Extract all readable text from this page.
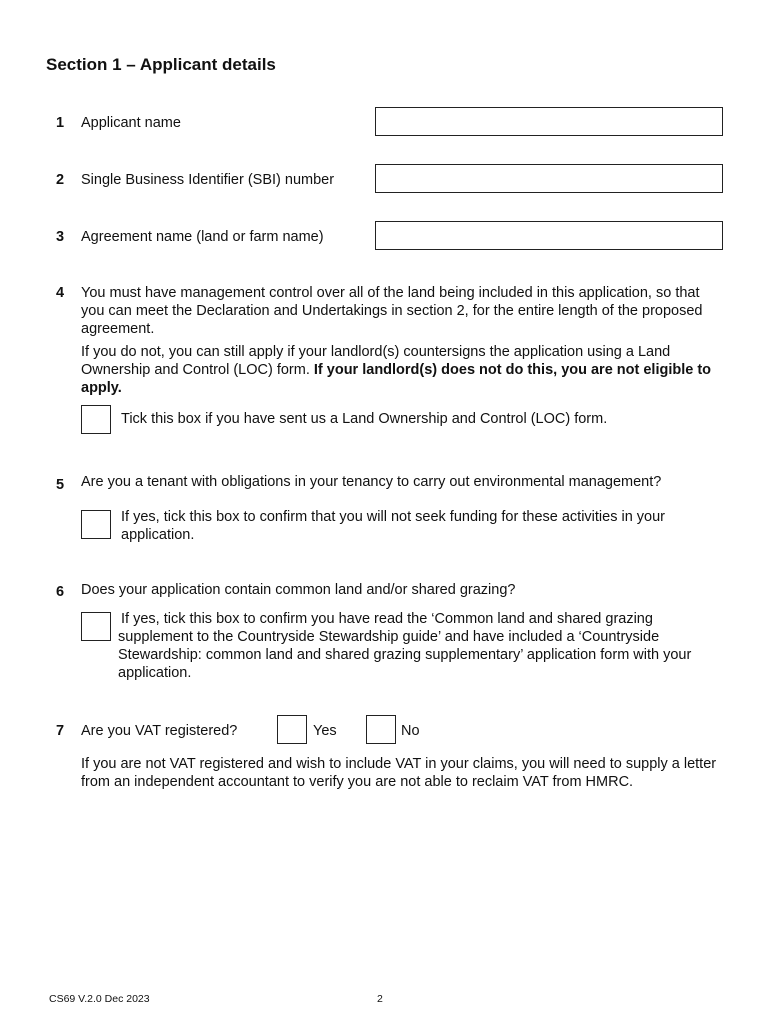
Section 1 – Applicant details
1 Applicant name
2 Single Business Identifier (SBI) number
3 Agreement name (land or farm name)
4 You must have management control over all of the land being included in this application, so that you can meet the Declaration and Undertakings in section 2, for the entire length of the proposed agreement.
If you do not, you can still apply if your landlord(s) countersigns the application using a Land Ownership and Control (LOC) form. If your landlord(s) does not do this, you are not eligible to apply.
Tick this box if you have sent us a Land Ownership and Control (LOC) form.
5 Are you a tenant with obligations in your tenancy to carry out environmental management?
If yes, tick this box to confirm that you will not seek funding for these activities in your application.
6 Does your application contain common land and/or shared grazing?
If yes, tick this box to confirm you have read the ‘Common land and shared grazing supplement to the Countryside Stewardship guide’ and have included a ‘Countryside Stewardship: common land and shared grazing supplementary’ application form with your application.
7 Are you VAT registered?	Yes	No
If you are not VAT registered and wish to include VAT in your claims, you will need to supply a letter from an independent accountant to verify you are not able to reclaim VAT from HMRC.
CS69 V.2.0 Dec 2023	2
